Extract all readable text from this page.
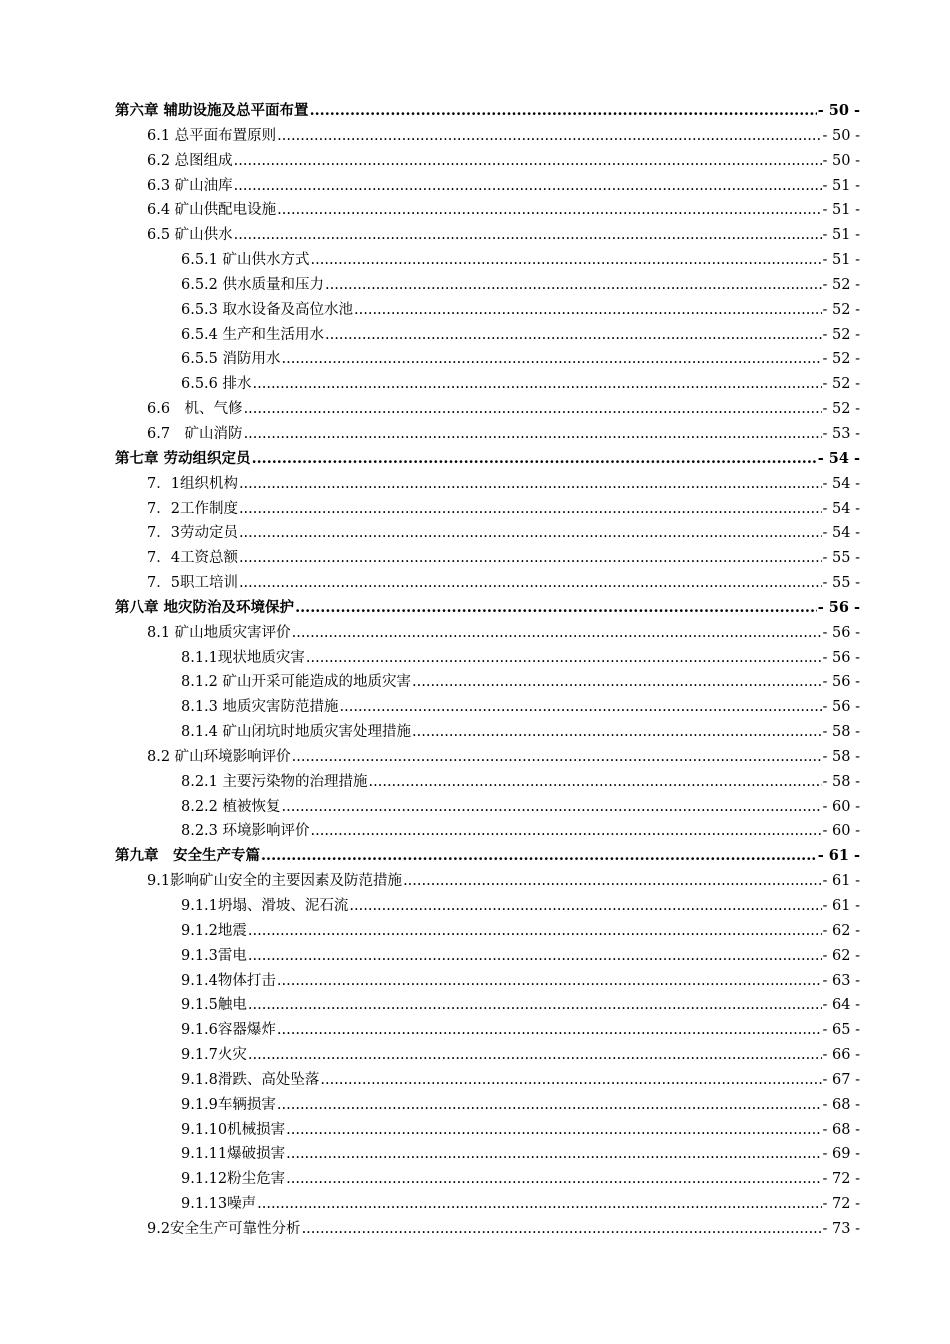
第六章 辅助设施及总平面布置 .....	- 50 -
6.1 总平面布置原则 .....	- 50 -
6.2 总图组成 .....	- 50 -
6.3 矿山油库 .....	- 51 -
6.4 矿山供配电设施 .....	- 51 -
6.5 矿山供水 .....	- 51 -
6.5.1 矿山供水方式 .....	- 51 -
6.5.2 供水质量和压力 .....	- 52 -
6.5.3 取水设备及高位水池 .....	- 52 -
6.5.4 生产和生活用水 .....	- 52 -
6.5.5 消防用水 .....	- 52 -
6.5.6 排水 .....	- 52 -
6.6　机、气修 .....	- 52 -
6.7　矿山消防 .....	- 53 -
第七章 劳动组织定员 .....	- 54 -
7．1组织机构 .....	- 54 -
7．2工作制度 .....	- 54 -
7．3劳动定员 .....	- 54 -
7．4工资总额 .....	- 55 -
7．5职工培训 .....	- 55 -
第八章 地灾防治及环境保护 .....	- 56 -
8.1 矿山地质灾害评价 .....	- 56 -
8.1.1现状地质灾害 .....	- 56 -
8.1.2 矿山开采可能造成的地质灾害 .....	- 56 -
8.1.3 地质灾害防范措施 .....	- 56 -
8.1.4 矿山闭坑时地质灾害处理措施 .....	- 58 -
8.2 矿山环境影响评价 .....	- 58 -
8.2.1 主要污染物的治理措施 .....	- 58 -
8.2.2 植被恢复 .....	- 60 -
8.2.3 环境影响评价 .....	- 60 -
第九章　安全生产专篇 .....	- 61 -
9.1影响矿山安全的主要因素及防范措施 .....	- 61 -
9.1.1坍塌、滑坡、泥石流 .....	- 61 -
9.1.2地震 .....	- 62 -
9.1.3雷电 .....	- 62 -
9.1.4物体打击 .....	- 63 -
9.1.5触电 .....	- 64 -
9.1.6容器爆炸 .....	- 65 -
9.1.7火灾 .....	- 66 -
9.1.8滑跌、高处坠落 .....	- 67 -
9.1.9车辆损害 .....	- 68 -
9.1.10机械损害 .....	- 68 -
9.1.11爆破损害 .....	- 69 -
9.1.12粉尘危害 .....	- 72 -
9.1.13噪声 .....	- 72 -
9.2安全生产可靠性分析 .....	- 73 -
